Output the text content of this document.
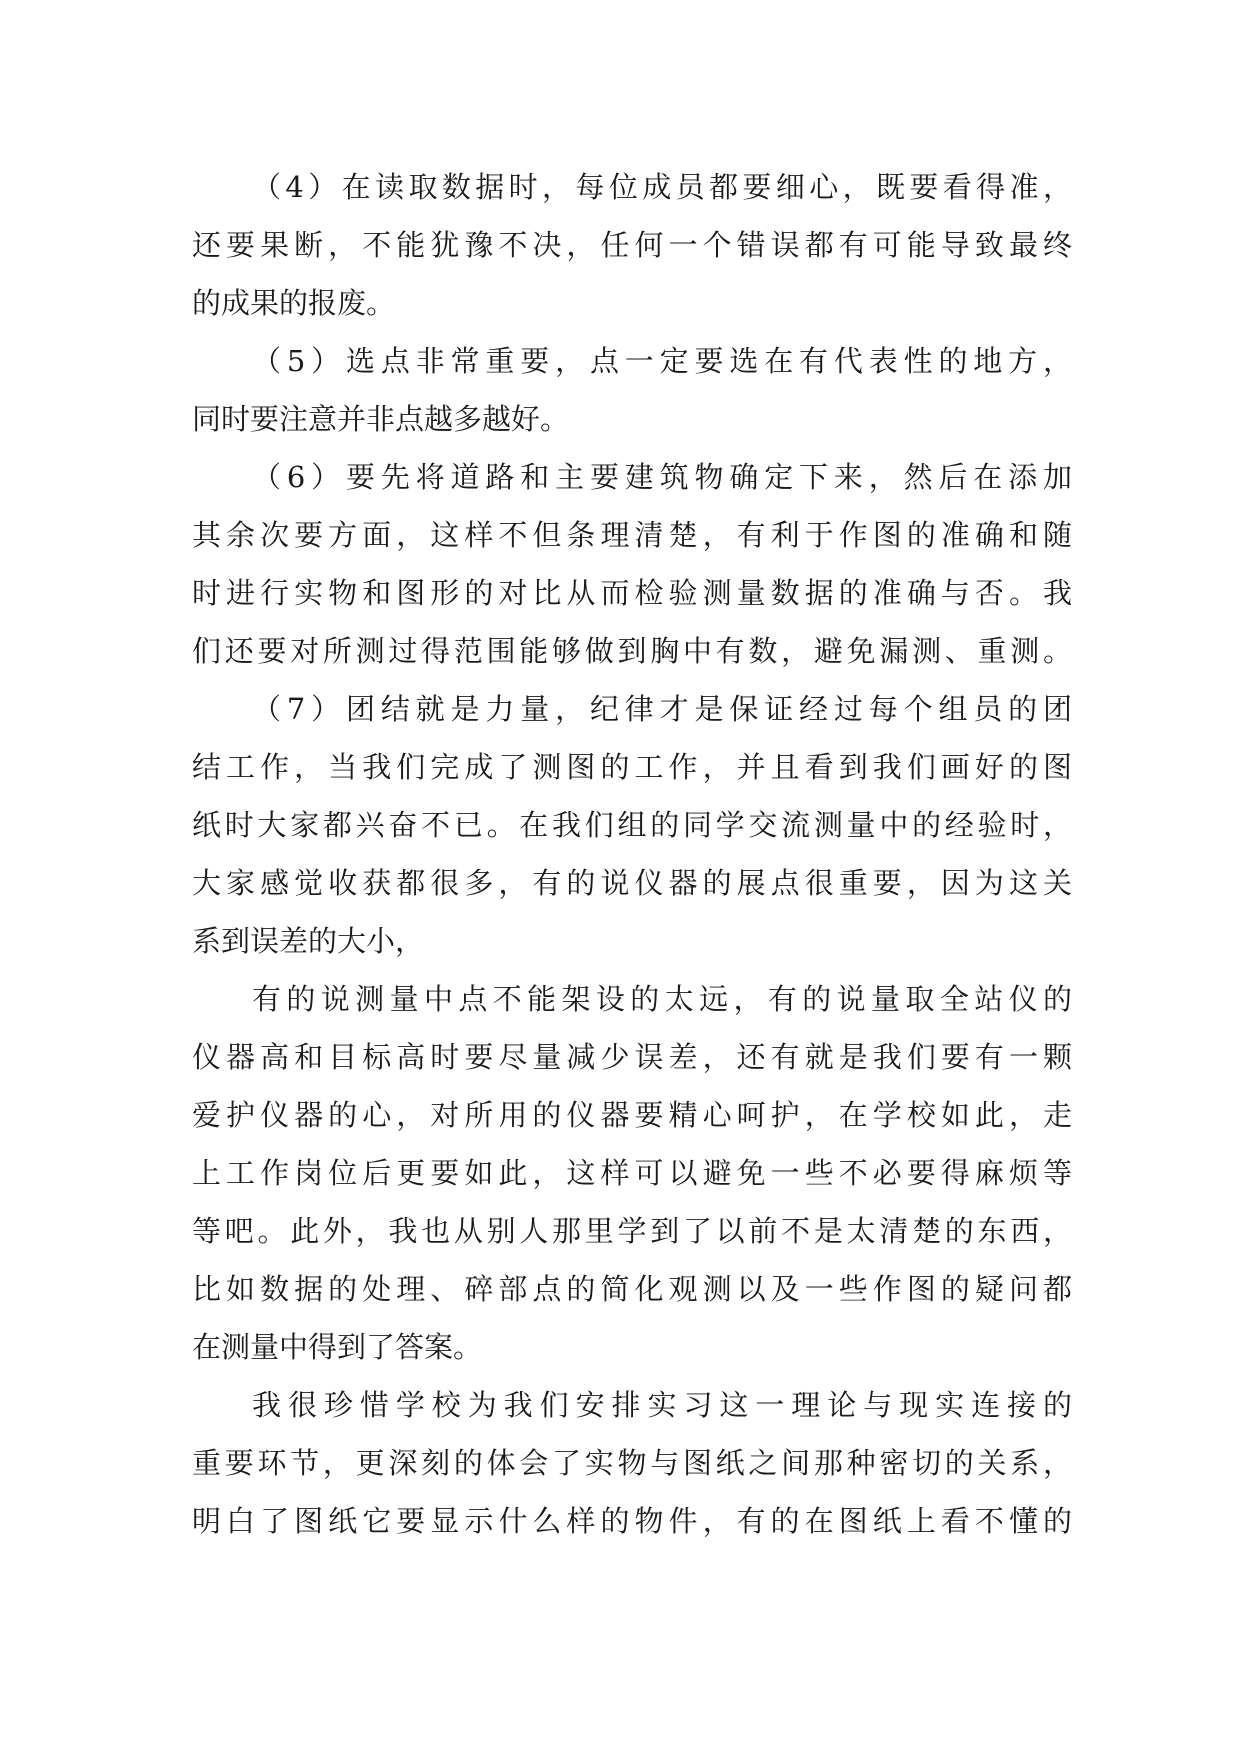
（4）在读取数据时，每位成员都要细心，既要看得准，
还要果断，不能犹豫不决，任何一个错误都有可能导致最终
的成果的报废。
（5）选点非常重要，点一定要选在有代表性的地方，
同时要注意并非点越多越好。
（6）要先将道路和主要建筑物确定下来，然后在添加
其余次要方面，这样不但条理清楚，有利于作图的准确和随
时进行实物和图形的对比从而检验测量数据的准确与否。我
们还要对所测过得范围能够做到胸中有数，避免漏测、重测。
（7）团结就是力量，纪律才是保证经过每个组员的团
结工作，当我们完成了测图的工作，并且看到我们画好的图
纸时大家都兴奋不已。在我们组的同学交流测量中的经验时，
大家感觉收获都很多，有的说仪器的展点很重要，因为这关
系到误差的大小，
有的说测量中点不能架设的太远，有的说量取全站仪的
仪器高和目标高时要尽量减少误差，还有就是我们要有一颗
爱护仪器的心，对所用的仪器要精心呵护，在学校如此，走
上工作岗位后更要如此，这样可以避免一些不必要得麻烦等
等吧。此外，我也从别人那里学到了以前不是太清楚的东西，
比如数据的处理、碎部点的简化观测以及一些作图的疑问都
在测量中得到了答案。
我很珍惜学校为我们安排实习这一理论与现实连接的
重要环节，更深刻的体会了实物与图纸之间那种密切的关系，
明白了图纸它要显示什么样的物件，有的在图纸上看不懂的
